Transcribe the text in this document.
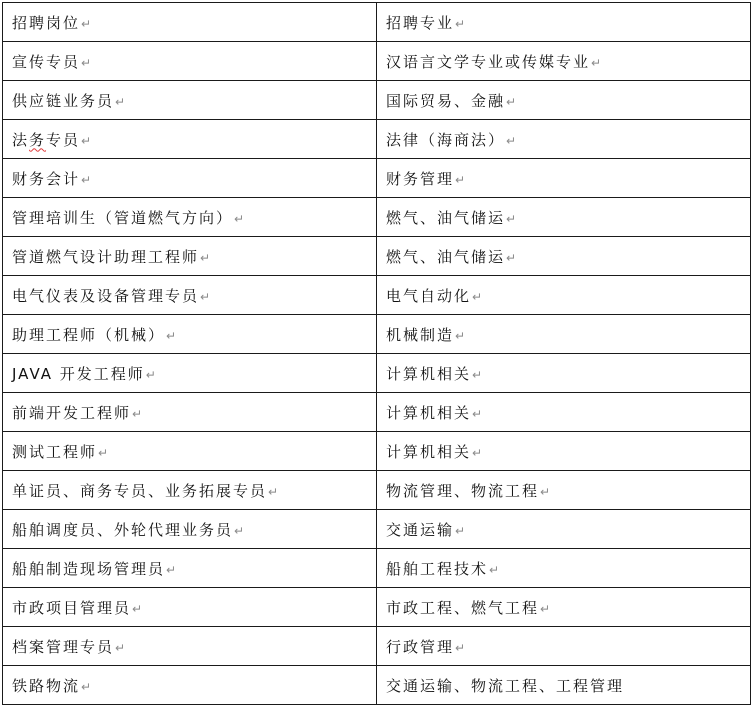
招聘岗位↵	招聘专业↵
宣传专员↵	汉语言文学专业或传媒专业↵
供应链业务员↵	国际贸易、金融↵
法务专员↵	法律（海商法）↵
财务会计↵	财务管理↵
管理培训生（管道燃气方向）↵	燃气、油气储运↵
管道燃气设计助理工程师↵	燃气、油气储运↵
电气仪表及设备管理专员↵	电气自动化↵
助理工程师（机械）↵	机械制造↵
JAVA 开发工程师↵	计算机相关↵
前端开发工程师↵	计算机相关↵
测试工程师↵	计算机相关↵
单证员、商务专员、业务拓展专员↵	物流管理、物流工程↵
船舶调度员、外轮代理业务员↵	交通运输↵
船舶制造现场管理员↵	船舶工程技术↵
市政项目管理员↵	市政工程、燃气工程↵
档案管理专员↵	行政管理↵
铁路物流↵	交通运输、物流工程、工程管理
